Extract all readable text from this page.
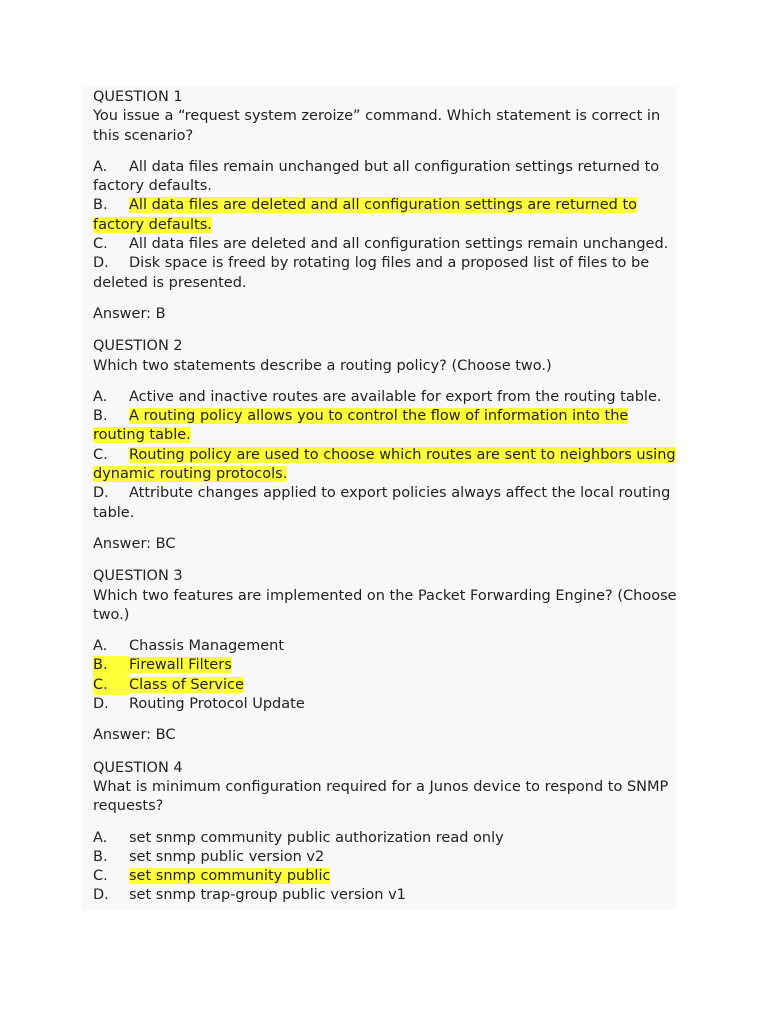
QUESTION 1

You issue a “request system zeroize” command. Which statement is correct in this scenario?

A. All data files remain unchanged but all configuration settings returned to factory defaults.

B. All data files are deleted and all configuration settings are returned to factory defaults.

C. All data files are deleted and all configuration settings remain unchanged.

D. Disk space is freed by rotating log files and a proposed list of files to be deleted is presented.

Answer: B

QUESTION 2

Which two statements describe a routing policy? (Choose two.)

A. Active and inactive routes are available for export from the routing table.

B. A routing policy allows you to control the flow of information into the routing table.

C. Routing policy are used to choose which routes are sent to neighbors using dynamic routing protocols.

D. Attribute changes applied to export policies always affect the local routing table.

Answer: BC

QUESTION 3

Which two features are implemented on the Packet Forwarding Engine? (Choose two.)

A. Chassis Management

B. Firewall Filters

C. Class of Service

D. Routing Protocol Update

Answer: BC

QUESTION 4

What is minimum configuration required for a Junos device to respond to SNMP requests?

A. set snmp community public authorization read only

B. set snmp public version v2

C. set snmp community public

D. set snmp trap-group public version v1
